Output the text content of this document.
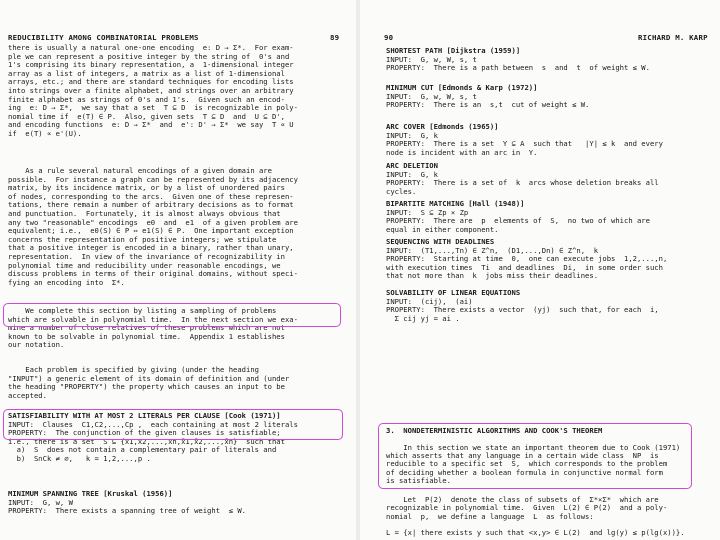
REDUCIBILITY AMONG COMBINATORIAL PROBLEMS	89
there is usually a natural one-one encoding  e: D → Σ*.  For exam-
ple we can represent a positive integer by the string of  0's and
1's comprising its binary representation, a  1-dimensional integer
array as a list of integers, a matrix as a list of 1-dimensional
arrays, etc.; and there are standard techniques for encoding lists
into strings over a finite alphabet, and strings over an arbitrary
finite alphabet as strings of 0's and 1's.  Given such an encod-
ing  e: D → Σ*,  we say that a set  T ⊆ D  is recognizable in poly-
nomial time if  e(T) ∈ P.  Also, given sets  T ⊆ D  and  U ⊆ D',
and encoding functions  e: D → Σ*  and  e': D' → Σ*  we say  T ∝ U
if  e(T) ∝ e'(U).
As a rule several natural encodings of a given domain are
possible.  For instance a graph can be represented by its adjacency
matrix, by its incidence matrix, or by a list of unordered pairs
of nodes, corresponding to the arcs.  Given one of these represen-
tations, there remain a number of arbitrary decisions as to format
and punctuation.  Fortunately, it is almost always obvious that
any two "reasonable" encodings  e0  and  e1  of a given problem are
equivalent; i.e.,  e0(S) ∈ P ⇔ e1(S) ∈ P.  One important exception
concerns the representation of positive integers; we stipulate
that a positive integer is encoded in a binary, rather than unary,
representation.  In view of the invariance of recognizability in
polynomial time and reducibility under reasonable encodings, we
discuss problems in terms of their original domains, without speci-
fying an encoding into  Σ*.
We complete this section by listing a sampling of problems
which are solvable in polynomial time.  In the next section we exa-
mine a number of close relatives of these problems which are not
known to be solvable in polynomial time.  Appendix 1 establishes
our notation.
Each problem is specified by giving (under the heading
"INPUT") a generic element of its domain of definition and (under
the heading "PROPERTY") the property which causes an input to be
accepted.
SATISFIABILITY WITH AT MOST 2 LITERALS PER CLAUSE [Cook (1971)]
INPUT:  Clauses  C1,C2,...,Cp ,  each containing at most 2 literals
PROPERTY:  The conjunction of the given clauses is satisfiable;
i.e., there is a set  S ⊆ {x1,x2,...,xn,x̄1,x̄2,...,x̄n}  such that
a)  S  does not contain a complementary pair of literals and
b)  S∩Ck ≠ ∅,   k = 1,2,...,p .
MINIMUM SPANNING TREE [Kruskal (1956)]
INPUT:  G, w, W
PROPERTY:  There exists a spanning tree of weight  ≤ W.
90	RICHARD M. KARP
SHORTEST PATH [Dijkstra (1959)]
INPUT:  G, w, W, s, t
PROPERTY:  There is a path between  s  and  t  of weight ≤ W.
MINIMUM CUT [Edmonds & Karp (1972)]
INPUT:  G, w, W, s, t
PROPERTY:  There is an  s,t  cut of weight ≤ W.
ARC COVER [Edmonds (1965)]
INPUT:  G, k
PROPERTY:  There is a set  Y ⊆ A  such that   |Y| ≤ k  and every
node is incident with an arc in  Y.
ARC DELETION
INPUT:  G, k
PROPERTY:  There is a set of  k  arcs whose deletion breaks all
cycles.
BIPARTITE MATCHING [Hall (1948)]
INPUT:  S ⊆ Zp × Zp
PROPERTY:  There are  p  elements of  S,  no two of which are
equal in either component.
SEQUENCING WITH DEADLINES
INPUT:  (T1,...,Tn) ∈ Z^n,  (D1,...,Dn) ∈ Z^n,  k
PROPERTY:  Starting at time  0,  one can execute jobs  1,2,...,n,
with execution times  Ti  and deadlines  Di,  in some order such
that not more than  k  jobs miss their deadlines.
SOLVABILITY OF LINEAR EQUATIONS
INPUT:  (cij),  (ai)
PROPERTY:  There exists a vector  (yj)  such that, for each  i,
Σ cij yj = ai .
3.  NONDETERMINISTIC ALGORITHMS AND COOK'S THEOREM
In this section we state an important theorem due to Cook (1971)
which asserts that any language in a certain wide class  NP  is
reducible to a specific set  S,  which corresponds to the problem
of deciding whether a boolean formula in conjunctive normal form
is satisfiable.
Let  P(2)  denote the class of subsets of  Σ*×Σ*  which are
recognizable in polynomial time.  Given  L(2) ∈ P(2)  and a poly-
nomial  p,  we define a language  L  as follows:
L = {x| there exists y such that <x,y> ∈ L(2)  and lg(y) ≤ p(lg(x))}.
